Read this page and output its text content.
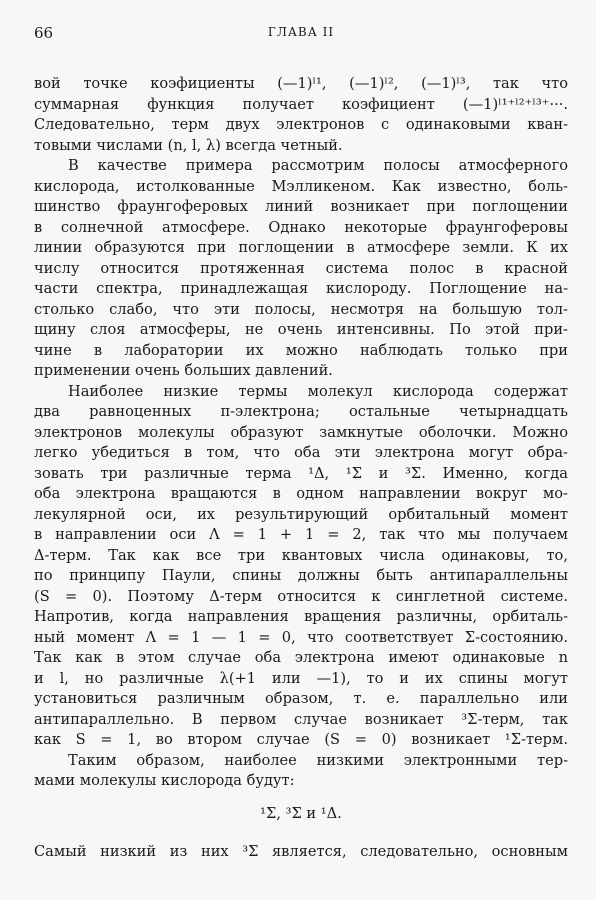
66	ГЛАВА II
вой точке коэфициенты (—1)ˡ¹, (—1)ˡ², (—1)ˡ³, так что
суммарная функция получает коэфициент (—1)ˡ¹⁺ˡ²⁺ˡ³⁺···.
Следовательно, терм двух электронов с одинаковыми кван-
товыми числами (n, l, λ) всегда четный.
В качестве примера рассмотрим полосы атмосферного
кислорода, истолкованные Мэлликеном. Как известно, боль-
шинство фраунгоферовых линий возникает при поглощении
в солнечной атмосфере. Однако некоторые фраунгоферовы
линии образуются при поглощении в атмосфере земли. К их
числу относится протяженная система полос в красной
части спектра, принадлежащая кислороду. Поглощение на-
столько слабо, что эти полосы, несмотря на большую тол-
щину слоя атмосферы, не очень интенсивны. По этой при-
чине в лаборатории их можно наблюдать только при
применении очень больших давлений.
Наиболее низкие термы молекул кислорода содержат
два равноценных π-электрона; остальные четырнадцать
электронов молекулы образуют замкнутые оболочки. Можно
легко убедиться в том, что оба эти электрона могут обра-
зовать три различные терма ¹Δ, ¹Σ и ³Σ. Именно, когда
оба электрона вращаются в одном направлении вокруг мо-
лекулярной оси, их результирующий орбитальный момент
в направлении оси Λ = 1 + 1 = 2, так что мы получаем
Δ-терм. Так как все три квантовых числа одинаковы, то,
по принципу Паули, спины должны быть антипараллельны
(S = 0). Поэтому Δ-терм относится к синглетной системе.
Напротив, когда направления вращения различны, орбиталь-
ный момент Λ = 1 — 1 = 0, что соответствует Σ-состоянию.
Так как в этом случае оба электрона имеют одинаковые n
и l, но различные λ(+1 или —1), то и их спины могут
установиться различным образом, т. е. параллельно или
антипараллельно. В первом случае возникает ³Σ-терм, так
как S = 1, во втором случае (S = 0) возникает ¹Σ-терм.
Таким образом, наиболее низкими электронными тер-
мами молекулы кислорода будут:
¹Σ, ³Σ и ¹Δ.
Самый низкий из них ³Σ является, следовательно, основным
